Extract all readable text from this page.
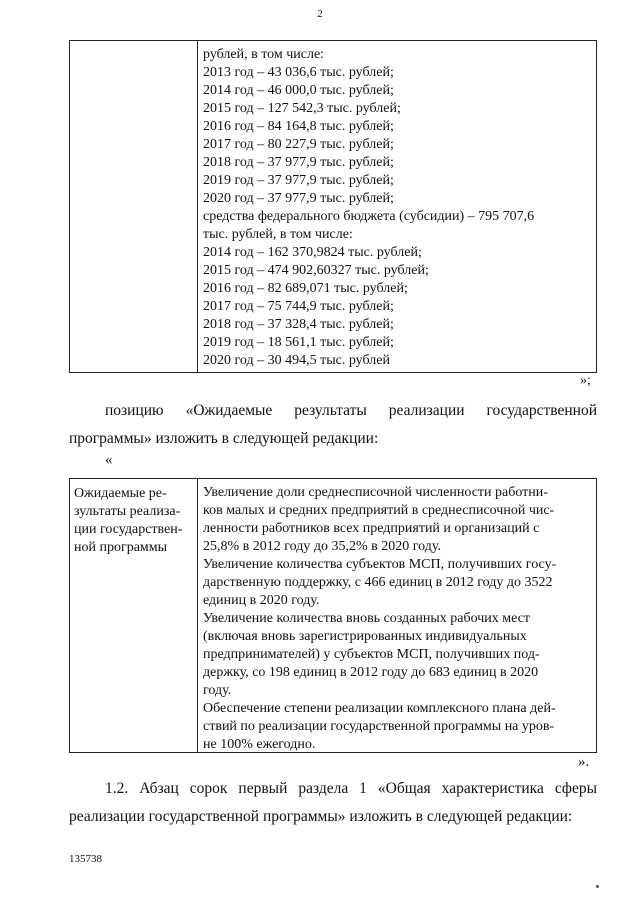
2
рублей, в том числе:
2013 год – 43 036,6 тыс. рублей;
2014 год – 46 000,0 тыс. рублей;
2015 год – 127 542,3 тыс. рублей;
2016 год – 84 164,8 тыс. рублей;
2017 год – 80 227,9 тыс. рублей;
2018 год – 37 977,9 тыс. рублей;
2019 год – 37 977,9 тыс. рублей;
2020 год – 37 977,9 тыс. рублей;
средства федерального бюджета (субсидии) – 795 707,6
тыс. рублей, в том числе:
2014 год – 162 370,9824 тыс. рублей;
2015 год – 474 902,60327 тыс. рублей;
2016 год – 82 689,071 тыс. рублей;
2017 год – 75 744,9 тыс. рублей;
2018 год – 37 328,4 тыс. рублей;
2019 год – 18 561,1 тыс. рублей;
2020 год – 30 494,5 тыс. рублей
»;
позицию «Ожидаемые результаты реализации государственной программы» изложить в следующей редакции:
«
Ожидаемые ре-
зультаты реализа-
ции государствен-
ной программы
Увеличение доли среднесписочной численности работни-
ков малых и средних предприятий в среднесписочной чис-
ленности работников всех предприятий и организаций с
25,8% в 2012 году до 35,2% в 2020 году.
Увеличение количества субъектов МСП, получивших госу-
дарственную поддержку, с 466 единиц в 2012 году до 3522
единиц в 2020 году.
Увеличение количества вновь созданных рабочих мест
(включая вновь зарегистрированных индивидуальных
предпринимателей) у субъектов МСП, получивших под-
держку, со 198 единиц в 2012 году до 683 единиц в 2020
году.
Обеспечение степени реализации комплексного плана дей-
ствий по реализации государственной программы на уров-
не 100% ежегодно.
».
1.2. Абзац сорок первый раздела 1 «Общая характеристика сферы реализации государственной программы» изложить в следующей редакции:
135738
